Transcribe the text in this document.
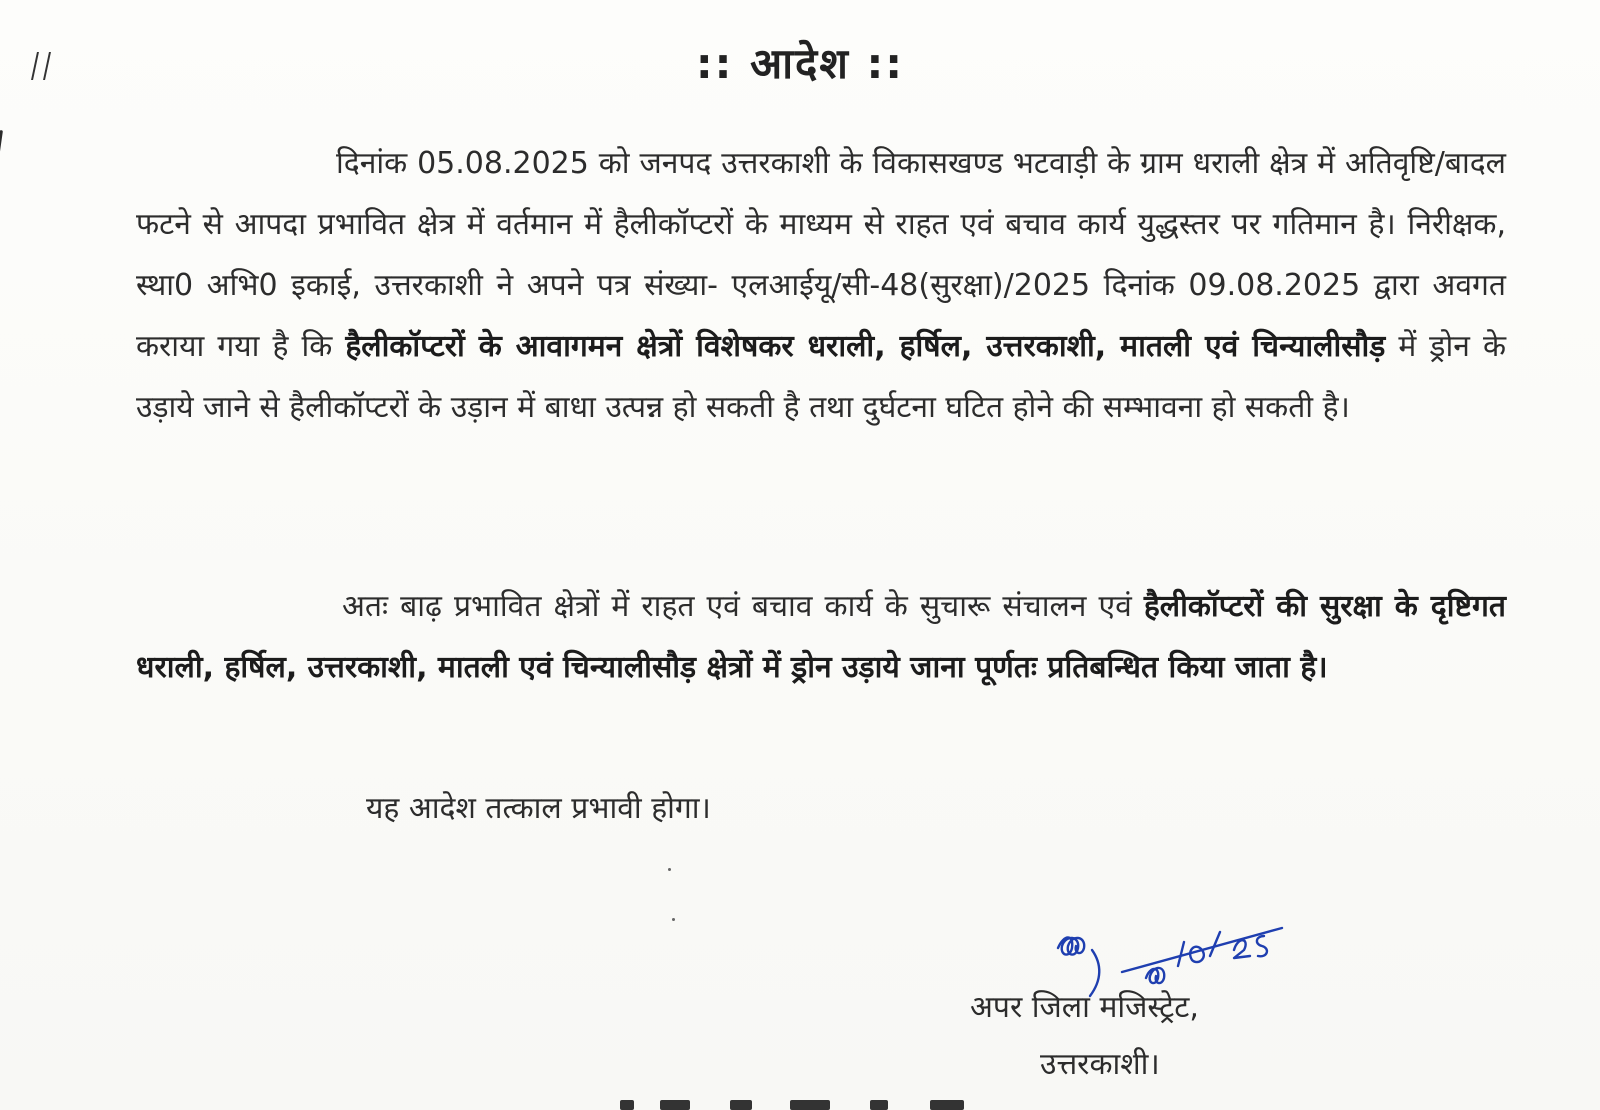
:: आदेश ::
दिनांक 05.08.2025 को जनपद उत्तरकाशी के विकासखण्ड भटवाड़ी के ग्राम धराली क्षेत्र में अतिवृष्टि/बादल फटने से आपदा प्रभावित क्षेत्र में वर्तमान में हैलीकॉप्टरों के माध्यम से राहत एवं बचाव कार्य युद्धस्तर पर गतिमान है। निरीक्षक, स्था0 अभि0 इकाई, उत्तरकाशी ने अपने पत्र संख्या- एलआईयू/सी-48(सुरक्षा)/2025 दिनांक 09.08.2025 द्वारा अवगत कराया गया है कि हैलीकॉप्टरों के आवागमन क्षेत्रों विशेषकर धराली, हर्षिल, उत्तरकाशी, मातली एवं चिन्यालीसौड़ में ड्रोन के उड़ाये जाने से हैलीकॉप्टरों के उड़ान में बाधा उत्पन्न हो सकती है तथा दुर्घटना घटित होने की सम्भावना हो सकती है।
अतः बाढ़ प्रभावित क्षेत्रों में राहत एवं बचाव कार्य के सुचारू संचालन एवं हैलीकॉप्टरों की सुरक्षा के दृष्टिगत धराली, हर्षिल, उत्तरकाशी, मातली एवं चिन्यालीसौड़ क्षेत्रों में ड्रोन उड़ाये जाना पूर्णतः प्रतिबन्धित किया जाता है।
यह आदेश तत्काल प्रभावी होगा।
अपर जिला मजिस्ट्रेट,
उत्तरकाशी।
